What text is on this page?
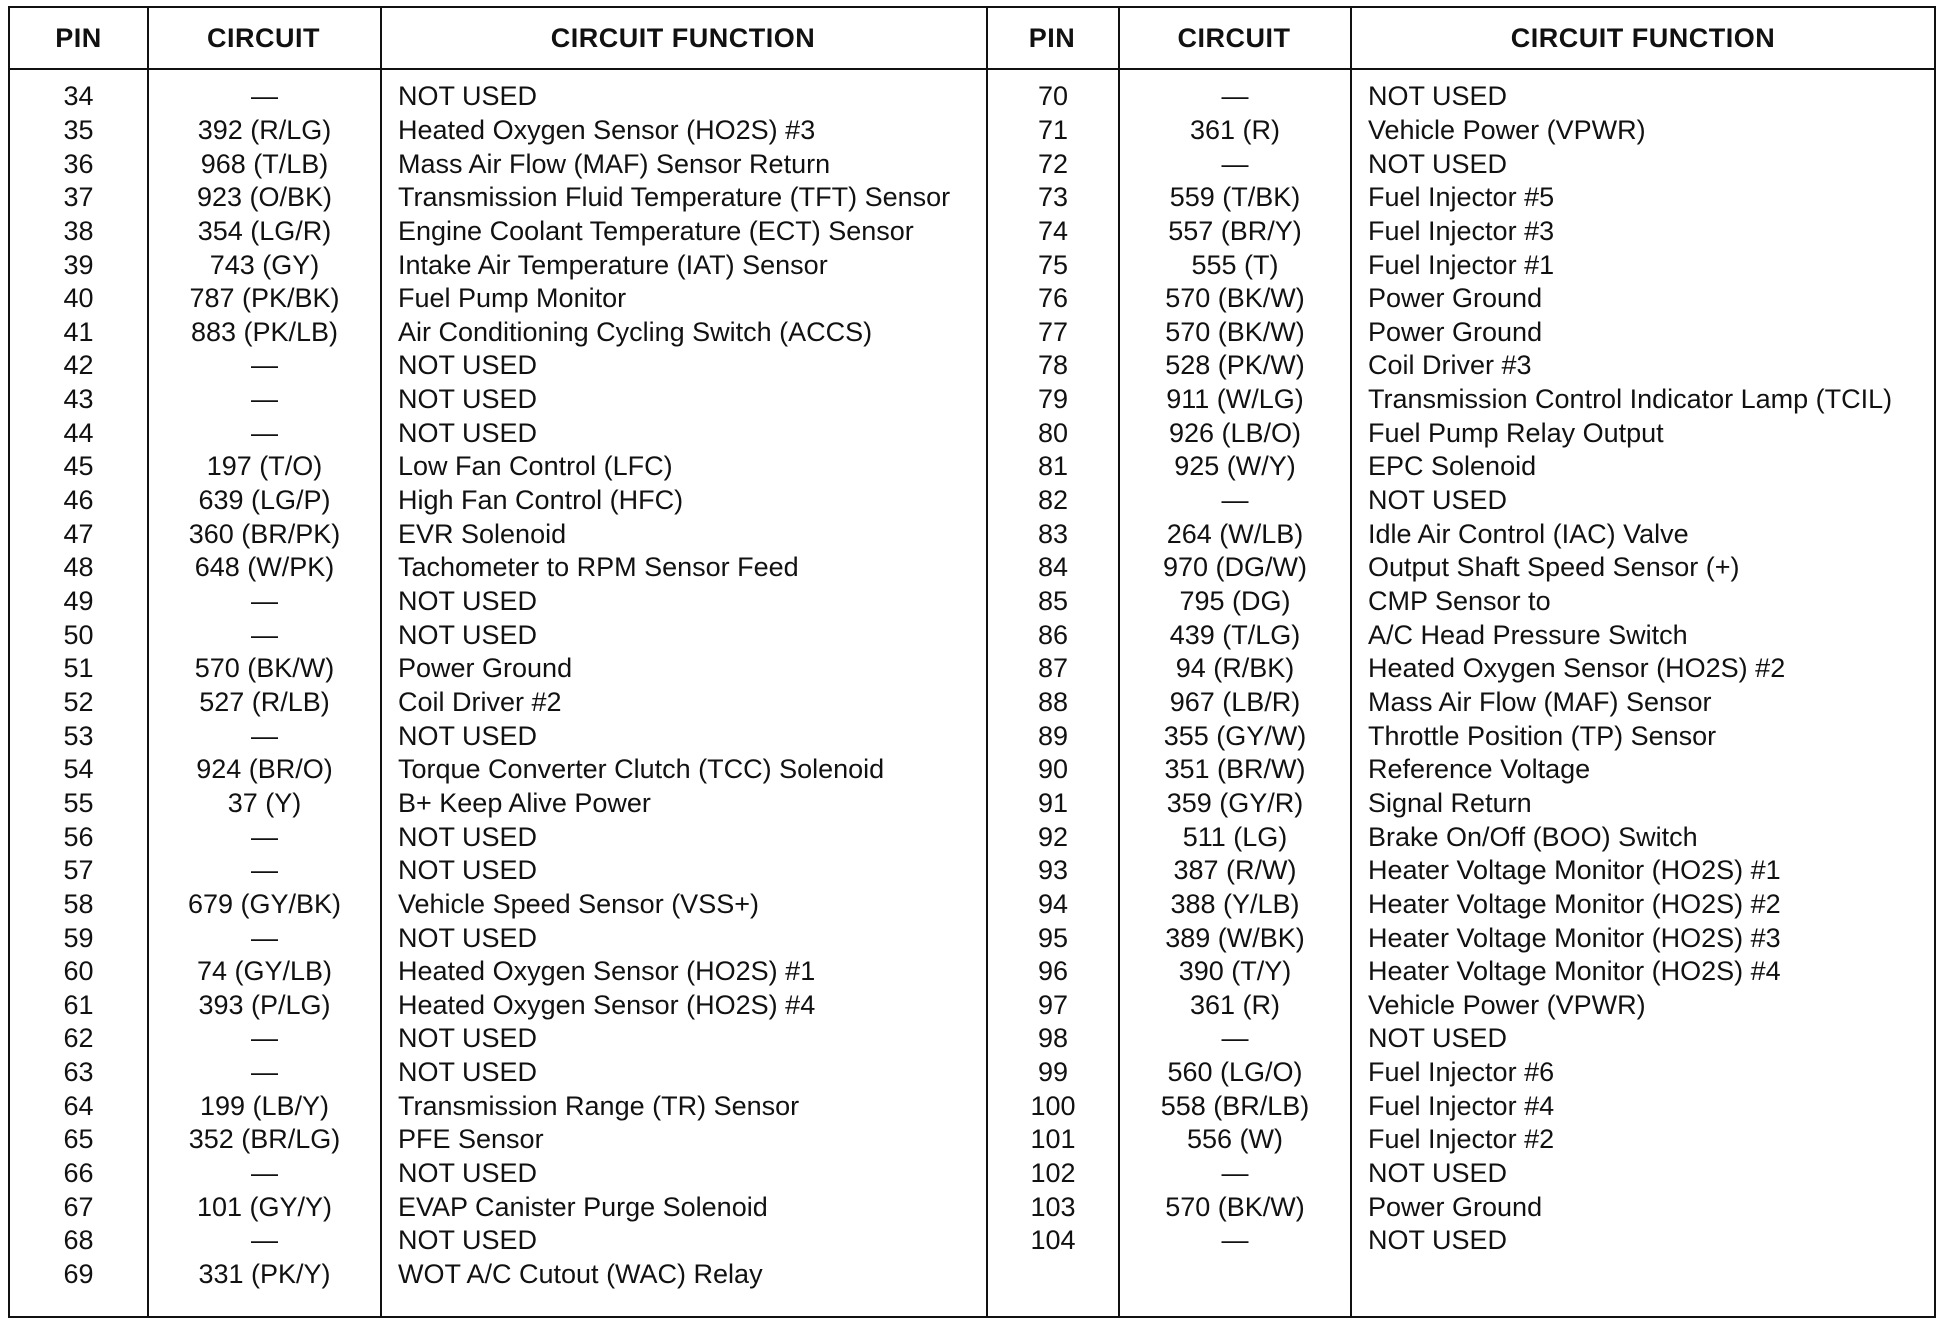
PIN	CIRCUIT	CIRCUIT FUNCTION	PIN	CIRCUIT	CIRCUIT FUNCTION
34	—	NOT USED
35	392 (R/LG)	Heated Oxygen Sensor (HO2S) #3
36	968 (T/LB)	Mass Air Flow (MAF) Sensor Return
37	923 (O/BK)	Transmission Fluid Temperature (TFT) Sensor
38	354 (LG/R)	Engine Coolant Temperature (ECT) Sensor
39	743 (GY)	Intake Air Temperature (IAT) Sensor
40	787 (PK/BK)	Fuel Pump Monitor
41	883 (PK/LB)	Air Conditioning Cycling Switch (ACCS)
42	—	NOT USED
43	—	NOT USED
44	—	NOT USED
45	197 (T/O)	Low Fan Control (LFC)
46	639 (LG/P)	High Fan Control (HFC)
47	360 (BR/PK)	EVR Solenoid
48	648 (W/PK)	Tachometer to RPM Sensor Feed
49	—	NOT USED
50	—	NOT USED
51	570 (BK/W)	Power Ground
52	527 (R/LB)	Coil Driver #2
53	—	NOT USED
54	924 (BR/O)	Torque Converter Clutch (TCC) Solenoid
55	37 (Y)	B+ Keep Alive Power
56	—	NOT USED
57	—	NOT USED
58	679 (GY/BK)	Vehicle Speed Sensor (VSS+)
59	—	NOT USED
60	74 (GY/LB)	Heated Oxygen Sensor (HO2S) #1
61	393 (P/LG)	Heated Oxygen Sensor (HO2S) #4
62	—	NOT USED
63	—	NOT USED
64	199 (LB/Y)	Transmission Range (TR) Sensor
65	352 (BR/LG)	PFE Sensor
66	—	NOT USED
67	101 (GY/Y)	EVAP Canister Purge Solenoid
68	—	NOT USED
69	331 (PK/Y)	WOT A/C Cutout (WAC) Relay
70	—	NOT USED
71	361 (R)	Vehicle Power (VPWR)
72	—	NOT USED
73	559 (T/BK)	Fuel Injector #5
74	557 (BR/Y)	Fuel Injector #3
75	555 (T)	Fuel Injector #1
76	570 (BK/W)	Power Ground
77	570 (BK/W)	Power Ground
78	528 (PK/W)	Coil Driver #3
79	911 (W/LG)	Transmission Control Indicator Lamp (TCIL)
80	926 (LB/O)	Fuel Pump Relay Output
81	925 (W/Y)	EPC Solenoid
82	—	NOT USED
83	264 (W/LB)	Idle Air Control (IAC) Valve
84	970 (DG/W)	Output Shaft Speed Sensor (+)
85	795 (DG)	CMP Sensor to
86	439 (T/LG)	A/C Head Pressure Switch
87	94 (R/BK)	Heated Oxygen Sensor (HO2S) #2
88	967 (LB/R)	Mass Air Flow (MAF) Sensor
89	355 (GY/W)	Throttle Position (TP) Sensor
90	351 (BR/W)	Reference Voltage
91	359 (GY/R)	Signal Return
92	511 (LG)	Brake On/Off (BOO) Switch
93	387 (R/W)	Heater Voltage Monitor (HO2S) #1
94	388 (Y/LB)	Heater Voltage Monitor (HO2S) #2
95	389 (W/BK)	Heater Voltage Monitor (HO2S) #3
96	390 (T/Y)	Heater Voltage Monitor (HO2S) #4
97	361 (R)	Vehicle Power (VPWR)
98	—	NOT USED
99	560 (LG/O)	Fuel Injector #6
100	558 (BR/LB)	Fuel Injector #4
101	556 (W)	Fuel Injector #2
102	—	NOT USED
103	570 (BK/W)	Power Ground
104	—	NOT USED
